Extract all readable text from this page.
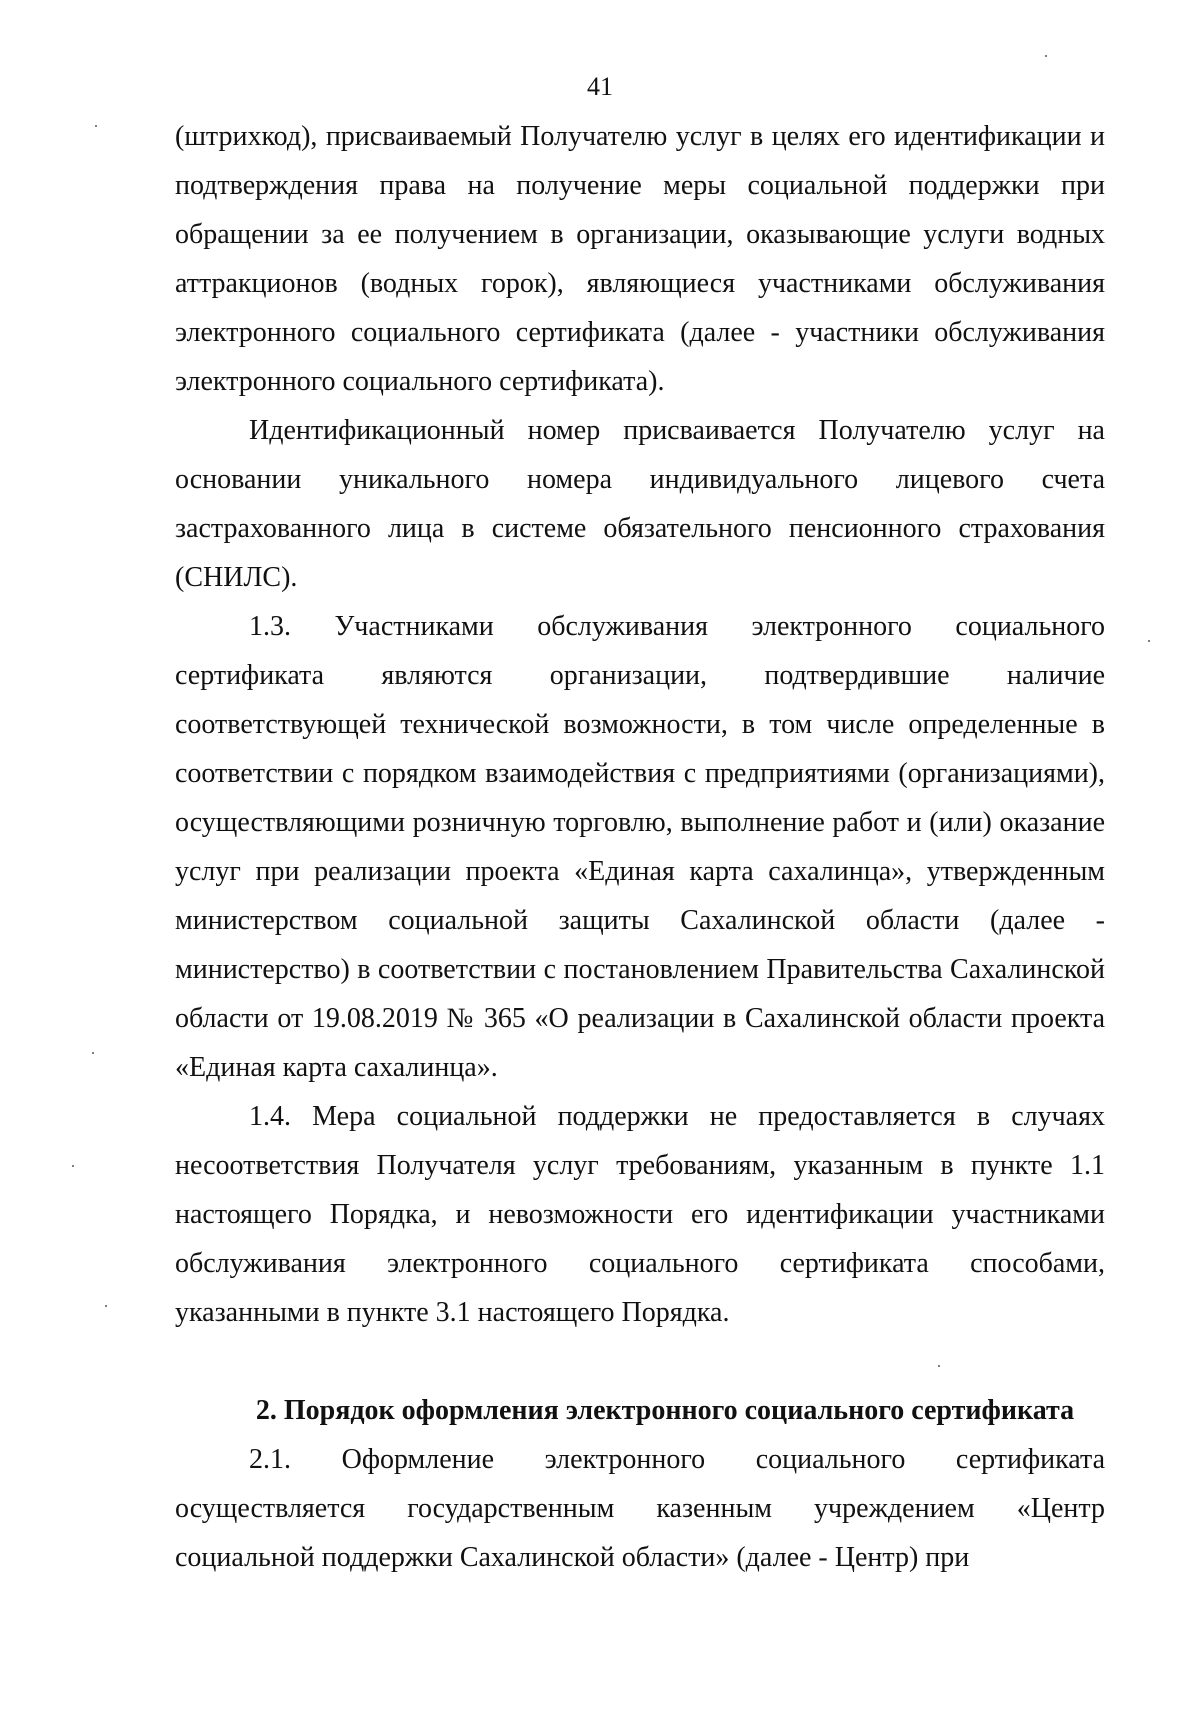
41

(штрихкод), присваиваемый Получателю услуг в целях его идентификации и подтверждения права на получение меры социальной поддержки при обращении за ее получением в организации, оказывающие услуги водных аттракционов (водных горок), являющиеся участниками обслуживания электронного социального сертификата (далее - участники обслуживания электронного социального сертификата).

Идентификационный номер присваивается Получателю услуг на основании уникального номера индивидуального лицевого счета застрахованного лица в системе обязательного пенсионного страхования (СНИЛС).

1.3. Участниками обслуживания электронного социального сертификата являются организации, подтвердившие наличие соответствующей технической возможности, в том числе определенные в соответствии с порядком взаимодействия с предприятиями (организациями), осуществляющими розничную торговлю, выполнение работ и (или) оказание услуг при реализации проекта «Единая карта сахалинца», утвержденным министерством социальной защиты Сахалинской области (далее - министерство) в соответствии с постановлением Правительства Сахалинской области от 19.08.2019 № 365 «О реализации в Сахалинской области проекта «Единая карта сахалинца».

1.4. Мера социальной поддержки не предоставляется в случаях несоответствия Получателя услуг требованиям, указанным в пункте 1.1 настоящего Порядка, и невозможности его идентификации участниками обслуживания электронного социального сертификата способами, указанными в пункте 3.1 настоящего Порядка.

2. Порядок оформления электронного социального сертификата

2.1. Оформление электронного социального сертификата осуществляется государственным казенным учреждением «Центр социальной поддержки Сахалинской области» (далее - Центр) при
